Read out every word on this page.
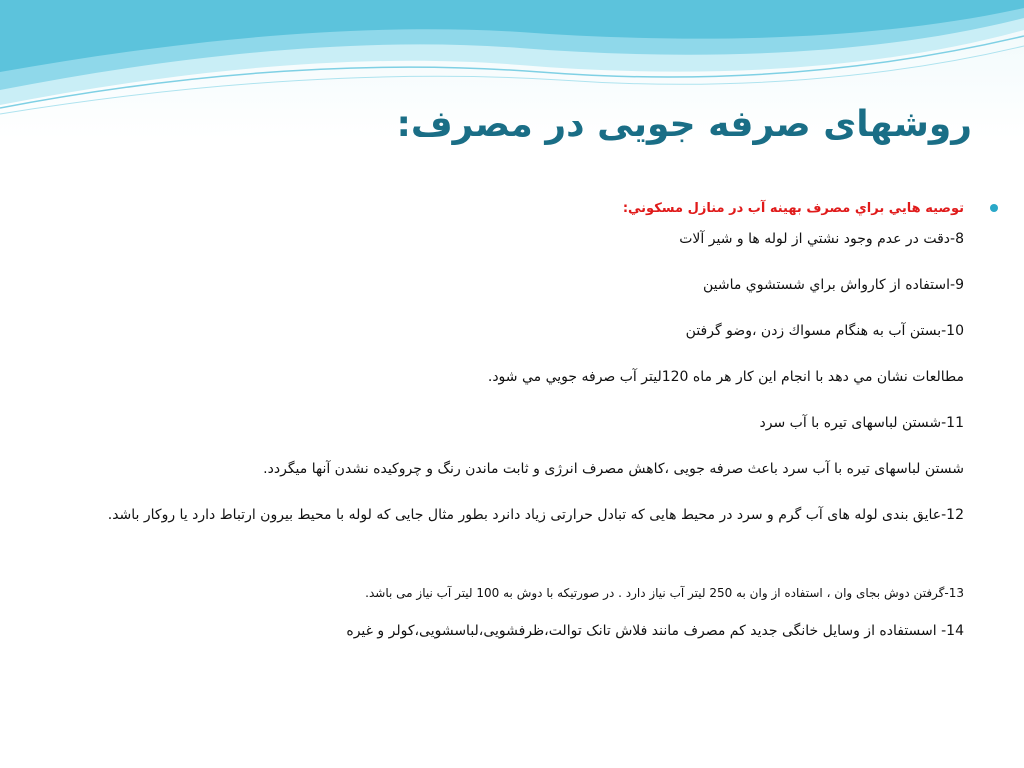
روشهای صرفه جویی در مصرف:

توصيه هايي براي مصرف بهينه آب در منازل مسكوني:

8-دقت در عدم وجود نشتي از لوله ها و شير آلات

9-استفاده از كارواش براي شستشوي ماشين

10-بستن آب به هنگام مسواك زدن ،وضو گرفتن

مطالعات نشان مي دهد با انجام اين كار هر ماه 120ليتر آب صرفه جويي مي شود.

11-شستن لباسهای تیره با آب سرد

شستن لباسهای تیره با آب سرد باعث صرفه جویی ،کاهش مصرف انرژی و ثابت ماندن رنگ و چروکیده نشدن آنها میگردد.

12-عایق بندی لوله های آب گرم و سرد در محیط هایی که تبادل حرارتی زیاد دانرد بطور مثال جایی که لوله با محیط بیرون ارتباط دارد یا روکار باشد.

13-گرفتن دوش بجای وان ، استفاده از وان به 250 لیتر آب نیاز دارد . در صورتیکه با دوش به 100 لیتر آب نیاز می باشد.

14- اسستفاده از وسایل خانگی جدید کم مصرف مانند فلاش تانک توالت،ظرفشویی،لباسشویی،کولر و غیره
